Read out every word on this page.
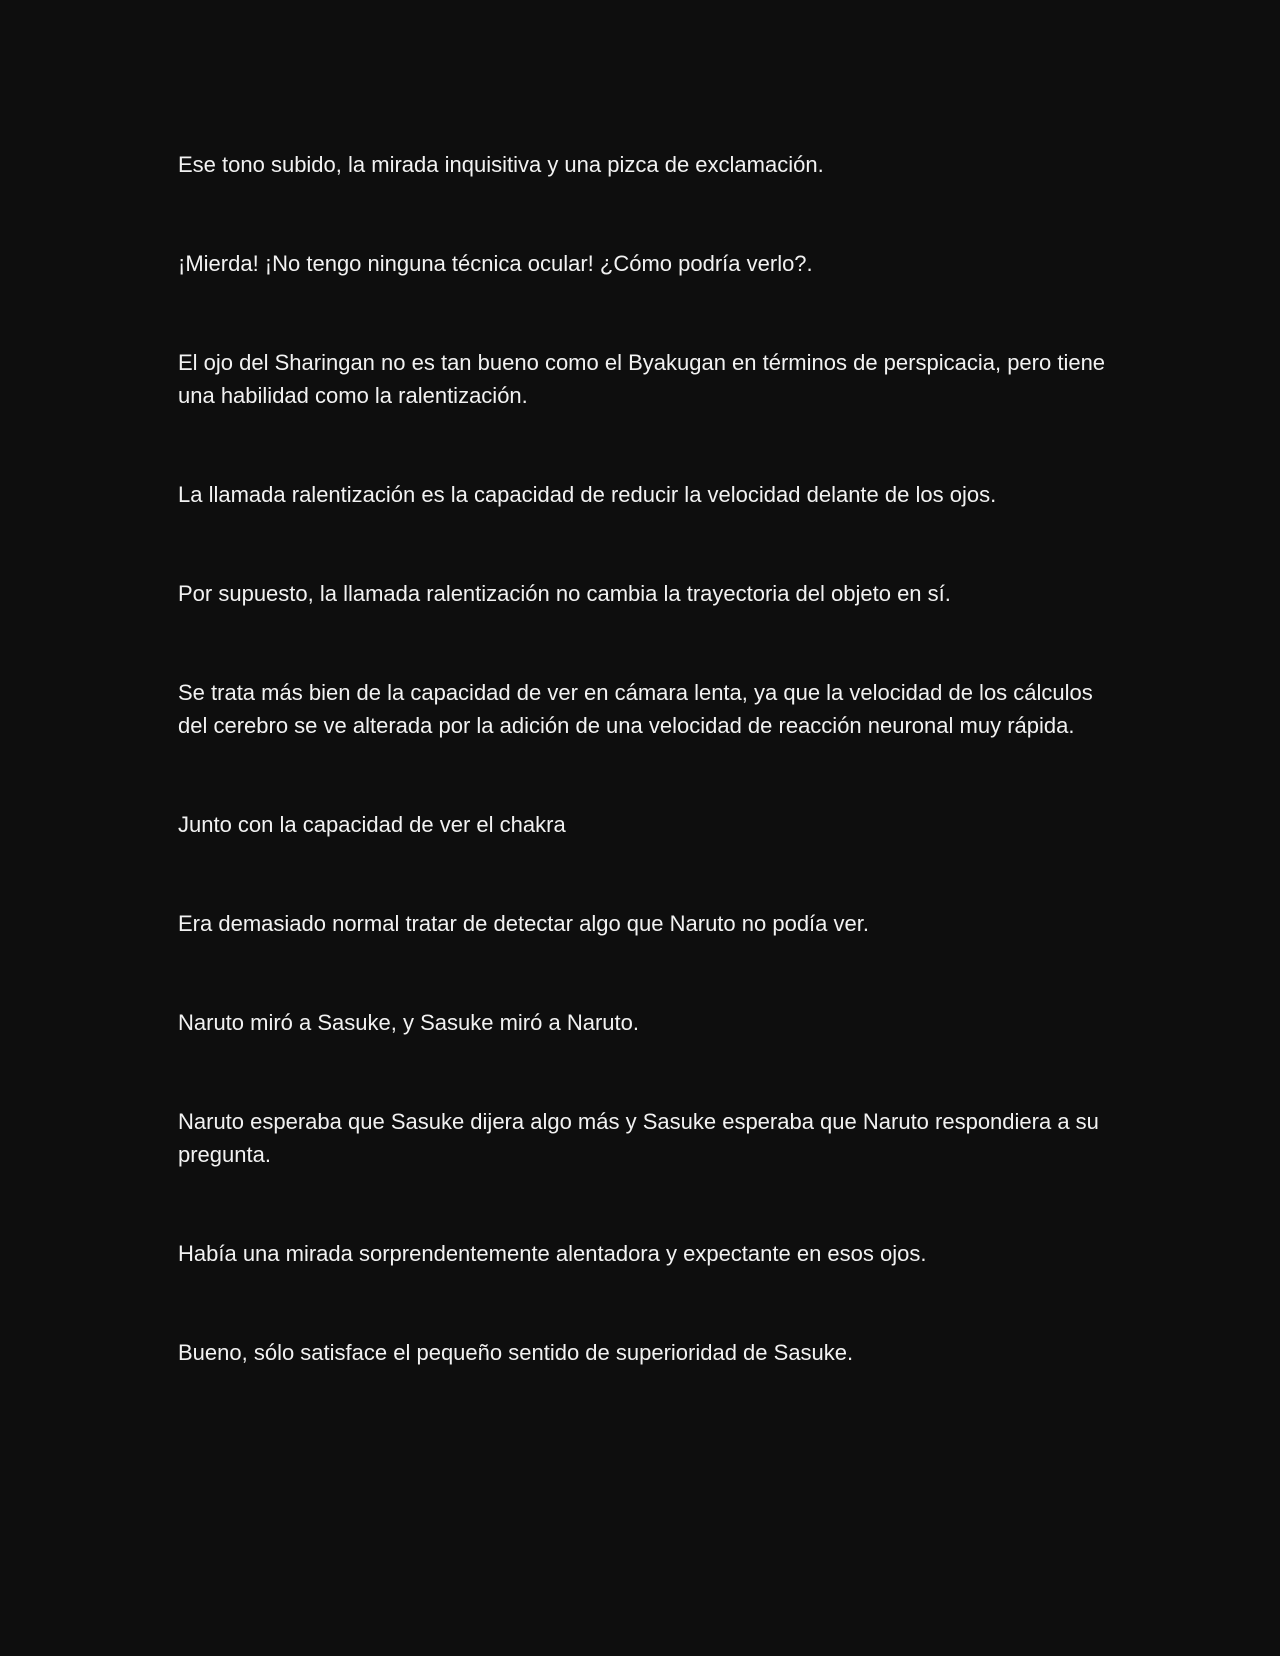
Ese tono subido, la mirada inquisitiva y una pizca de exclamación.

¡Mierda! ¡No tengo ninguna técnica ocular! ¿Cómo podría verlo?.

El ojo del Sharingan no es tan bueno como el Byakugan en términos de perspicacia, pero tiene una habilidad como la ralentización.

La llamada ralentización es la capacidad de reducir la velocidad delante de los ojos.

Por supuesto, la llamada ralentización no cambia la trayectoria del objeto en sí.

Se trata más bien de la capacidad de ver en cámara lenta, ya que la velocidad de los cálculos del cerebro se ve alterada por la adición de una velocidad de reacción neuronal muy rápida.

Junto con la capacidad de ver el chakra

Era demasiado normal tratar de detectar algo que Naruto no podía ver.

Naruto miró a Sasuke, y Sasuke miró a Naruto.

Naruto esperaba que Sasuke dijera algo más y Sasuke esperaba que Naruto respondiera a su pregunta.

Había una mirada sorprendentemente alentadora y expectante en esos ojos.

Bueno, sólo satisface el pequeño sentido de superioridad de Sasuke.
